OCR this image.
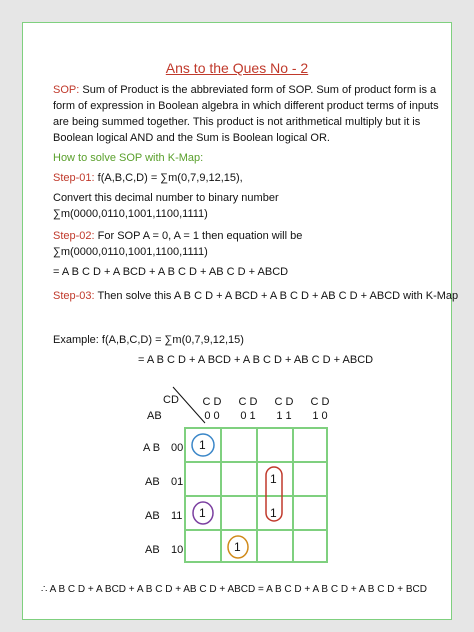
Ans to the Ques No - 2
SOP: Sum of Product is the abbreviated form of SOP. Sum of product form is a
form of expression in Boolean algebra in which different product terms of inputs
are being summed together. This product is not arithmetical multiply but it is
Boolean logical AND and the Sum is Boolean logical OR.
How to solve SOP with K-Map:
Step-01: f(A,B,C,D) = ∑m(0,7,9,12,15),
Convert this decimal number to binary number
∑m(0000,0110,1001,1100,1111)
Step-02: For SOP A = 0, A = 1 then equation will be
∑m(0000,0110,1001,1100,1111)
= A B C D + A BCD + A B C D + AB C D + ABCD
Step-03: Then solve this A B C D + A BCD + A B C D + AB C D + ABCD with K-Map
Example: f(A,B,C,D) = ∑m(0,7,9,12,15)
= A B C D + A BCD + A B C D + AB C D + ABCD
CD
AB
C D
0 0
C D
0 1
C D
1 1
C D
1 0
A B 00
AB 01
AB 11
AB 10
1
1
1	1
1
∴ A B C D + A BCD + A B C D + AB C D + ABCD = A B C D + A B C D + A B C D + BCD
